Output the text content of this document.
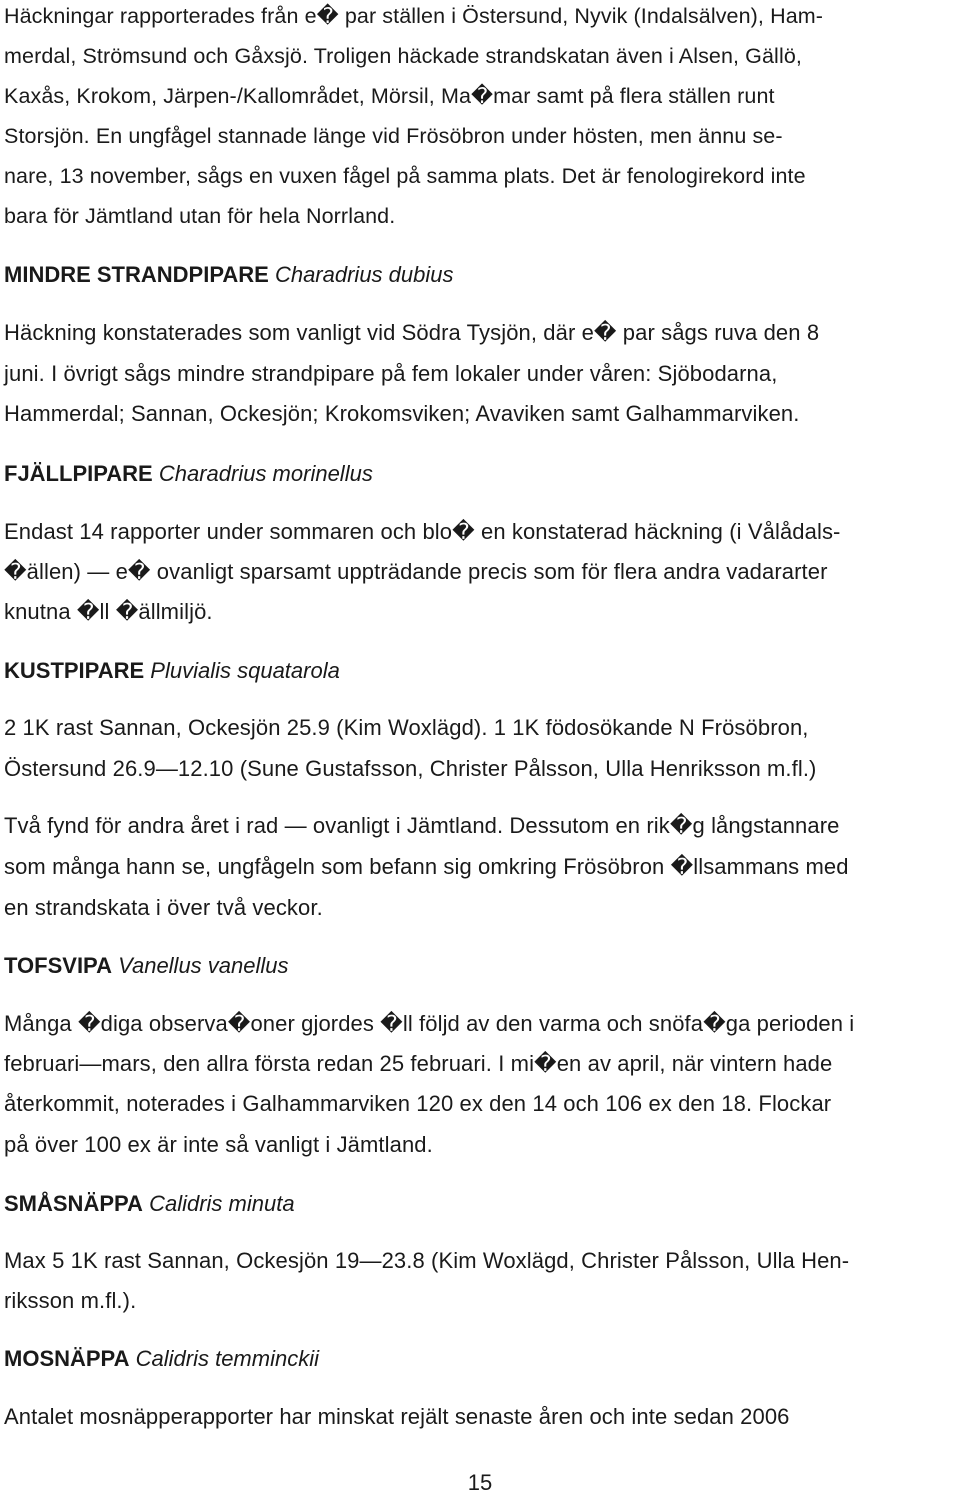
Häckningar rapporterades från e� par ställen i Östersund, Nyvik (Indalsälven), Ham-
merdal, Strömsund och Gåxsjö. Troligen häckade strandskatan även i Alsen, Gällö,
Kaxås, Krokom, Järpen-/Kallområdet, Mörsil, Ma�mar samt på flera ställen runt
Storsjön. En ungfågel stannade länge vid Frösöbron under hösten, men ännu se-
nare, 13 november, sågs en vuxen fågel på samma plats. Det är fenologirekord inte
bara för Jämtland utan för hela Norrland.
MINDRE STRANDPIPARE Charadrius dubius
Häckning konstaterades som vanligt vid Södra Tysjön, där e� par sågs ruva den 8
juni. I övrigt sågs mindre strandpipare på fem lokaler under våren: Sjöbodarna,
Hammerdal; Sannan, Ockesjön; Krokomsviken; Avaviken samt Galhammarviken.
FJÄLLPIPARE Charadrius morinellus
Endast 14 rapporter under sommaren och blo� en konstaterad häckning (i Vålådals-
�ällen) — e� ovanligt sparsamt uppträdande precis som för flera andra vadararter
knutna �ll �ällmiljö.
KUSTPIPARE Pluvialis squatarola
2 1K rast Sannan, Ockesjön 25.9 (Kim Woxlägd). 1 1K födosökande N Frösöbron,
Östersund 26.9—12.10 (Sune Gustafsson, Christer Pålsson, Ulla Henriksson m.fl.)
Två fynd för andra året i rad — ovanligt i Jämtland. Dessutom en rik�g långstannare
som många hann se, ungfågeln som befann sig omkring Frösöbron �llsammans med
en strandskata i över två veckor.
TOFSVIPA Vanellus vanellus
Många �diga observa�oner gjordes �ll följd av den varma och snöfa�ga perioden i
februari—mars, den allra första redan 25 februari. I mi�en av april, när vintern hade
återkommit, noterades i Galhammarviken 120 ex den 14 och 106 ex den 18. Flockar
på över 100 ex är inte så vanligt i Jämtland.
SMÅSNÄPPA Calidris minuta
Max 5 1K rast Sannan, Ockesjön 19—23.8 (Kim Woxlägd, Christer Pålsson, Ulla Hen-
riksson m.fl.).
MOSNÄPPA Calidris temminckii
Antalet mosnäpperapporter har minskat rejält senaste åren och inte sedan 2006
15
